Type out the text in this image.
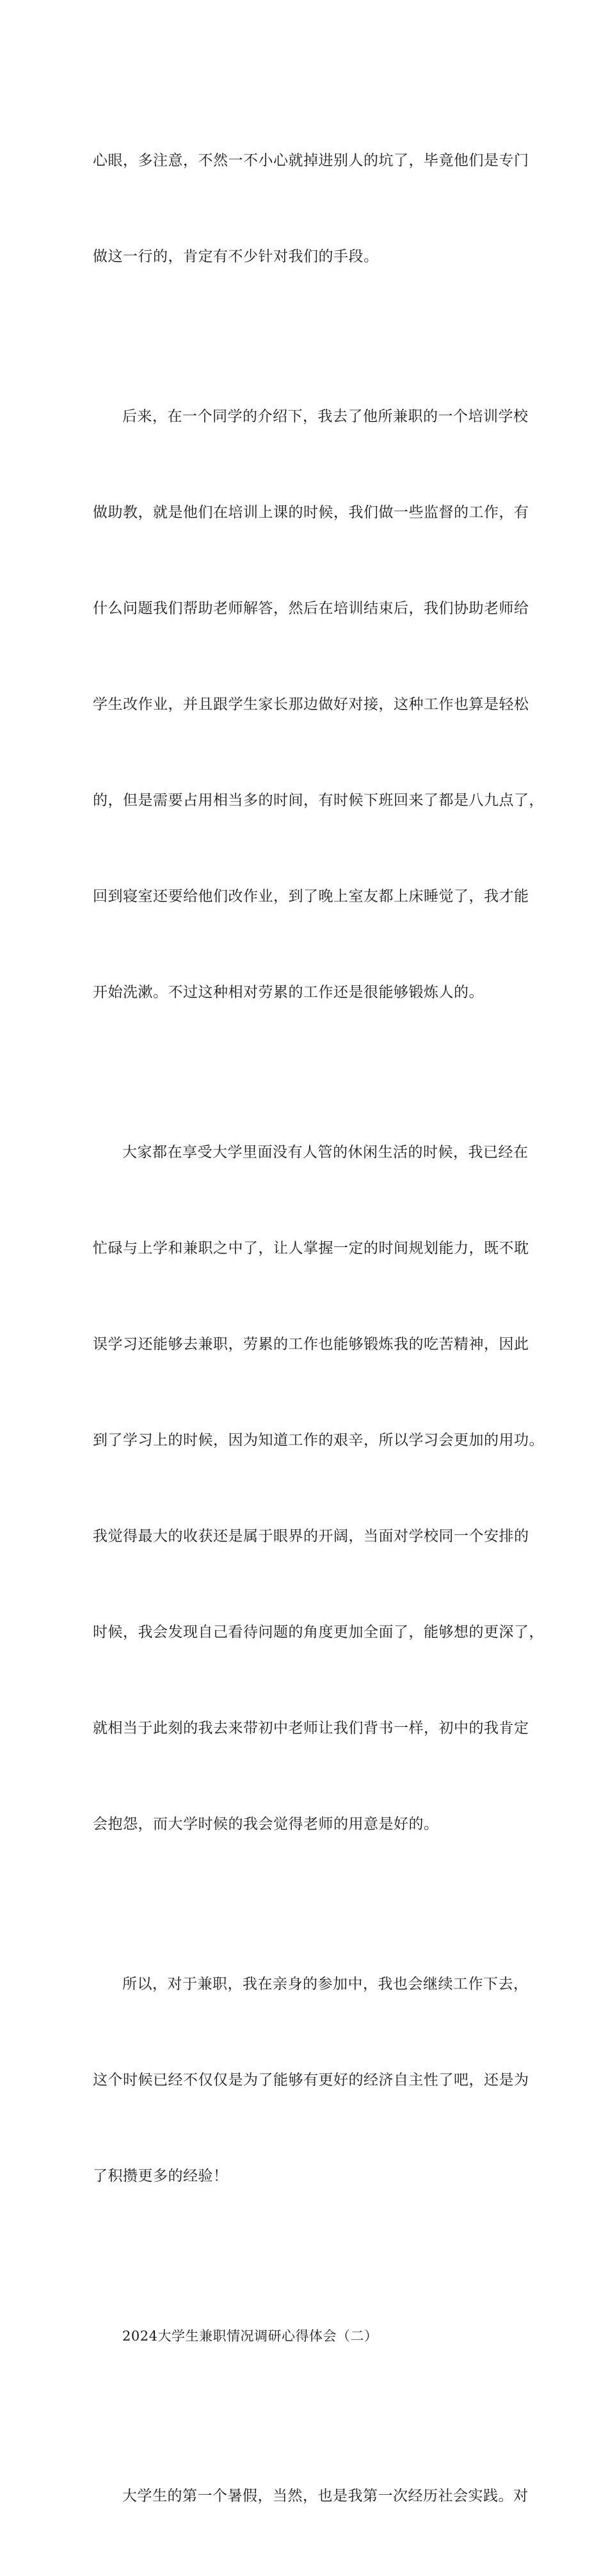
心眼，多注意，不然一不小心就掉进别人的坑了，毕竟他们是专门

做这一行的，肯定有不少针对我们的手段。

后来，在一个同学的介绍下，我去了他所兼职的一个培训学校

做助教，就是他们在培训上课的时候，我们做一些监督的工作，有

什么问题我们帮助老师解答，然后在培训结束后，我们协助老师给

学生改作业，并且跟学生家长那边做好对接，这种工作也算是轻松

的，但是需要占用相当多的时间，有时候下班回来了都是八九点了，

回到寝室还要给他们改作业，到了晚上室友都上床睡觉了，我才能

开始洗漱。不过这种相对劳累的工作还是很能够锻炼人的。

大家都在享受大学里面没有人管的休闲生活的时候，我已经在

忙碌与上学和兼职之中了，让人掌握一定的时间规划能力，既不耽

误学习还能够去兼职，劳累的工作也能够锻炼我的吃苦精神，因此

到了学习上的时候，因为知道工作的艰辛，所以学习会更加的用功。

我觉得最大的收获还是属于眼界的开阔，当面对学校同一个安排的

时候，我会发现自己看待问题的角度更加全面了，能够想的更深了，

就相当于此刻的我去来带初中老师让我们背书一样，初中的我肯定

会抱怨，而大学时候的我会觉得老师的用意是好的。

所以，对于兼职，我在亲身的参加中，我也会继续工作下去，

这个时候已经不仅仅是为了能够有更好的经济自主性了吧，还是为

了积攒更多的经验！

2024大学生兼职情况调研心得体会（二）

大学生的第一个暑假，当然，也是我第一次经历社会实践。对
